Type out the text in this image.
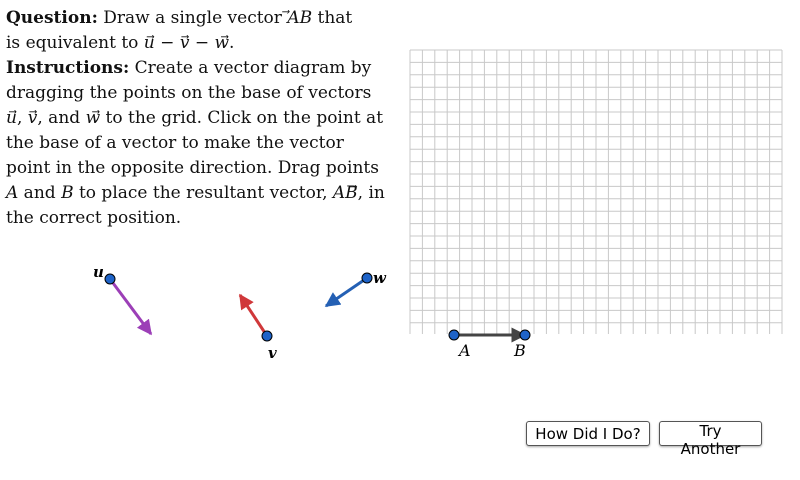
Question: Draw a single vector AB that
is equivalent to u − v − w.
Instructions: Create a vector diagram by dragging the points on the base of vectors u, v, and w to the grid. Click on the point at the base of a vector to make the vector point in the opposite direction. Drag points A and B to place the resultant vector, AB, in the correct position.
u
v
w
A	B
How Did I Do?	Try Another
